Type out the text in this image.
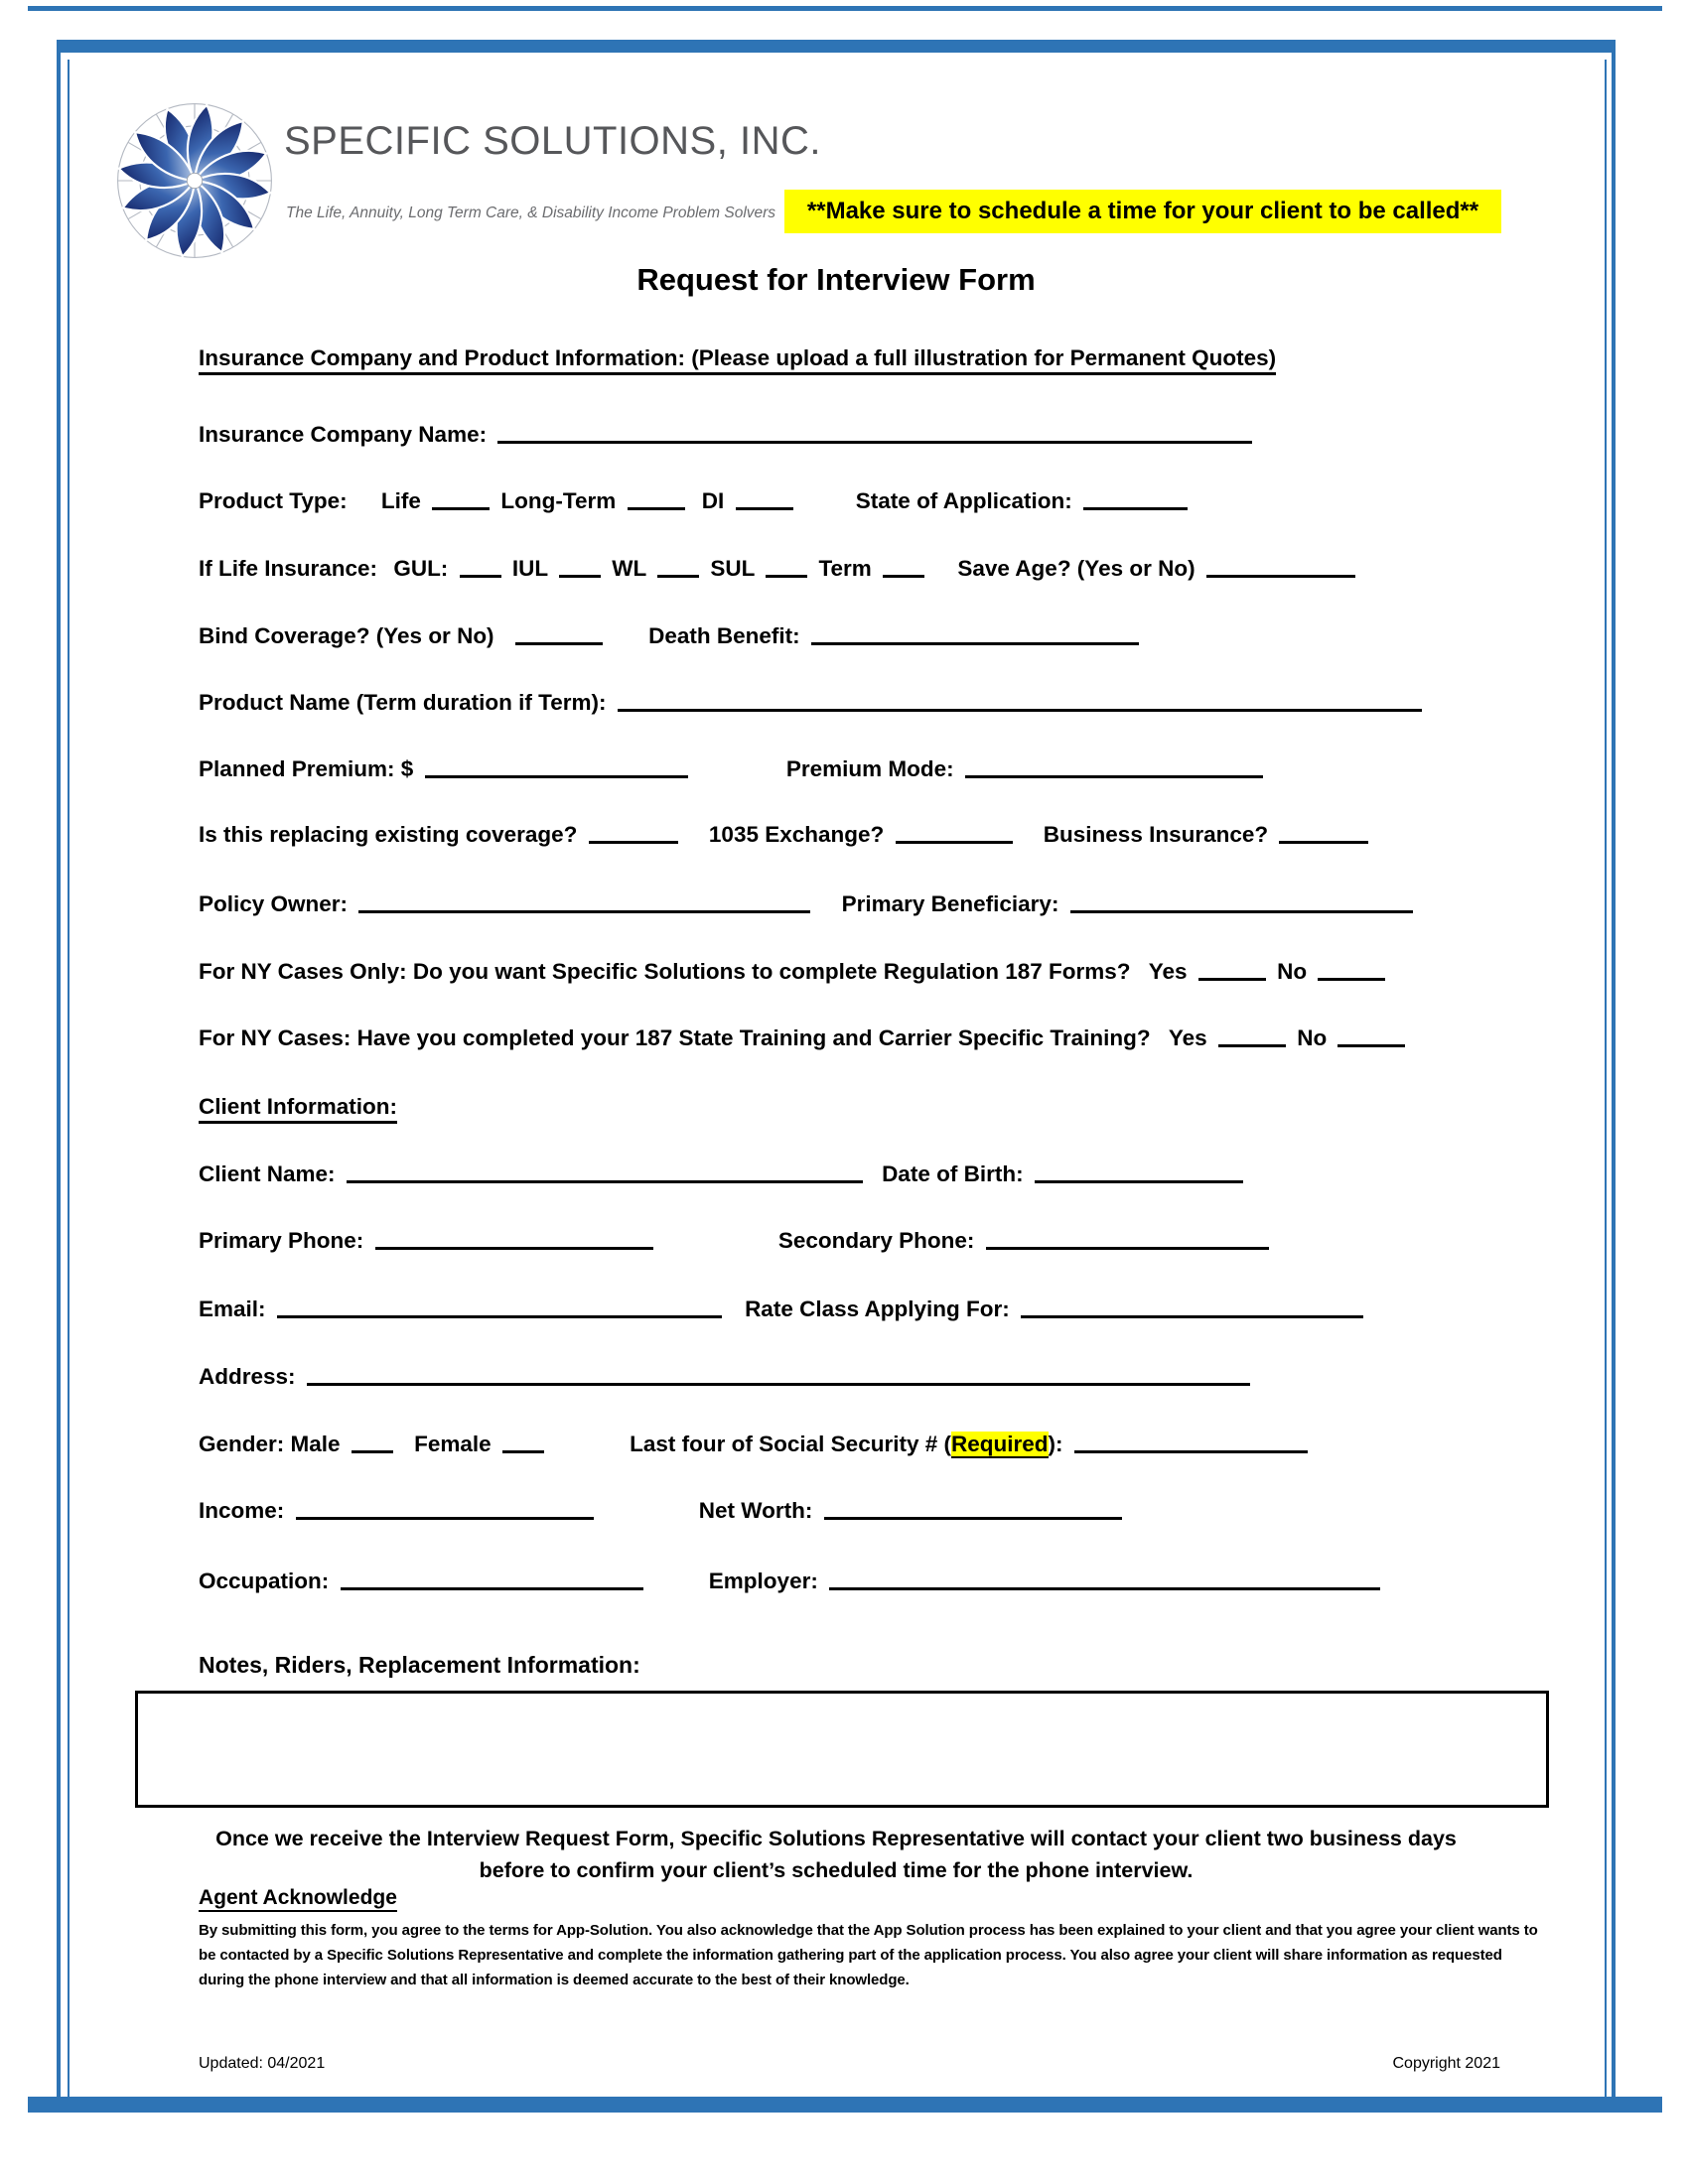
SPECIFIC SOLUTIONS, INC.
The Life, Annuity, Long Term Care, & Disability Income Problem Solvers	**Make sure to schedule a time for your client to be called**
Request for Interview Form
Insurance Company and Product Information: (Please upload a full illustration for Permanent Quotes)
Insurance Company Name:
Product Type: Life	Long-Term	DI	State of Application:
If Life Insurance: GUL:	IUL	WL	SUL	Term	Save Age? (Yes or No)
Bind Coverage? (Yes or No)	Death Benefit:
Product Name (Term duration if Term):
Planned Premium: $	Premium Mode:
Is this replacing existing coverage?	1035 Exchange?	Business Insurance?
Policy Owner:	Primary Beneficiary:
For NY Cases Only: Do you want Specific Solutions to complete Regulation 187 Forms? Yes	No
For NY Cases: Have you completed your 187 State Training and Carrier Specific Training? Yes	No
Client Information:
Client Name:	Date of Birth:
Primary Phone:	Secondary Phone:
Email:	Rate Class Applying For:
Address:
Gender: Male	Female	Last four of Social Security # (Required):
Income:	Net Worth:
Occupation:	Employer:
Notes, Riders, Replacement Information:
Once we receive the Interview Request Form, Specific Solutions Representative will contact your client two business days
before to confirm your client’s scheduled time for the phone interview.
Agent Acknowledge
By submitting this form, you agree to the terms for App-Solution. You also acknowledge that the App Solution process has been explained to your client and that you agree your client wants to be contacted by a Specific Solutions Representative and complete the information gathering part of the application process. You also agree your client will share information as requested during the phone interview and that all information is deemed accurate to the best of their knowledge.
Updated: 04/2021	Copyright 2021
